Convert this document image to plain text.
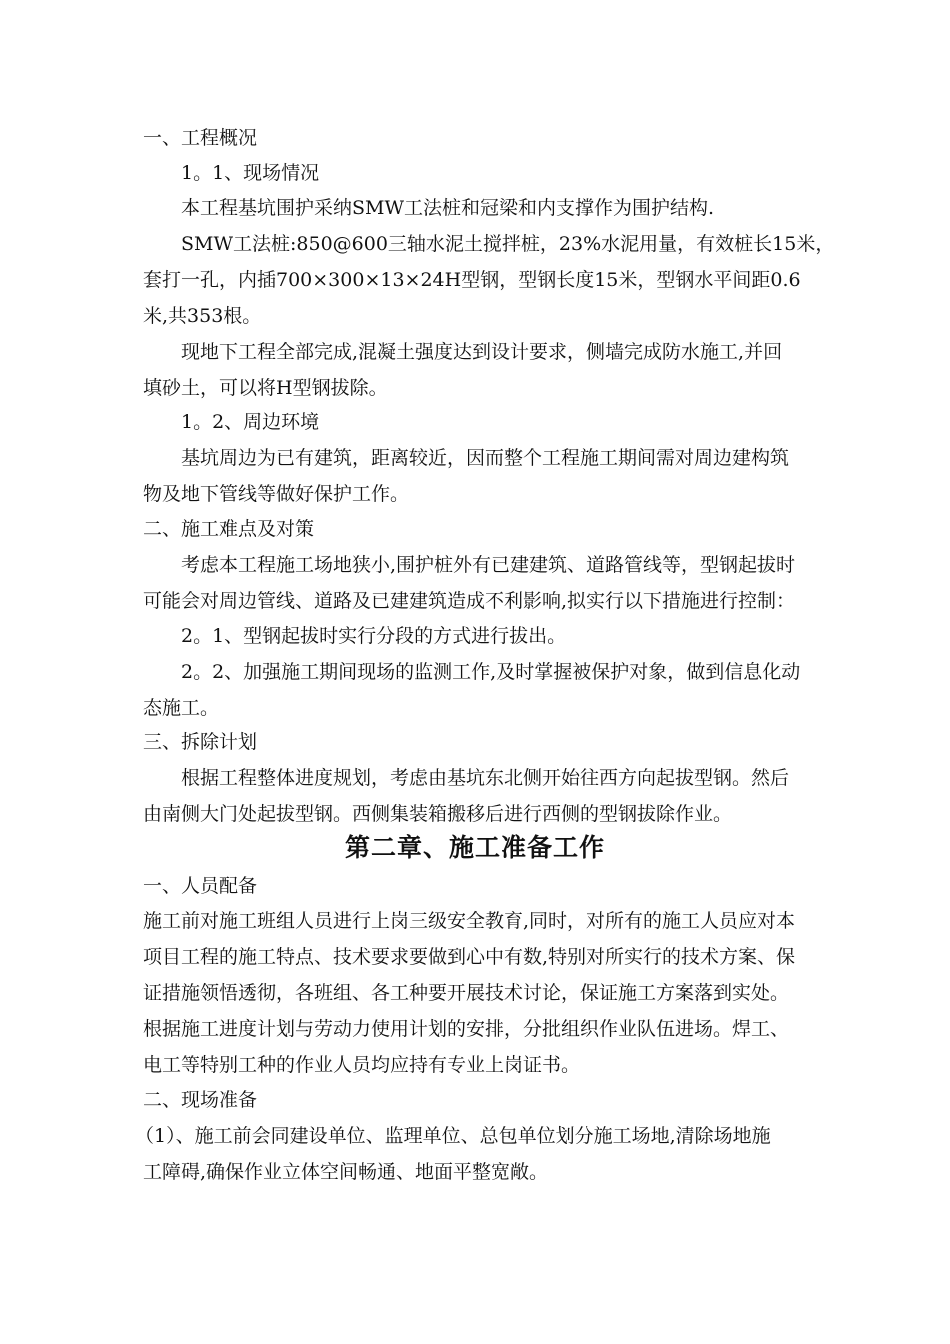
一、工程概况
1。1、现场情况
本工程基坑围护采纳SMW工法桩和冠梁和内支撑作为围护结构.
SMW工法桩:850@600三轴水泥土搅拌桩，23%水泥用量，有效桩长15米，
套打一孔，内插700×300×13×24H型钢，型钢长度15米，型钢水平间距0.6
米,共353根。
现地下工程全部完成,混凝土强度达到设计要求，侧墙完成防水施工,并回
填砂土，可以将H型钢拔除。
1。2、周边环境
基坑周边为已有建筑，距离较近，因而整个工程施工期间需对周边建构筑
物及地下管线等做好保护工作。
二、施工难点及对策
考虑本工程施工场地狭小,围护桩外有已建建筑、道路管线等，型钢起拔时
可能会对周边管线、道路及已建建筑造成不利影响,拟实行以下措施进行控制：
2。1、型钢起拔时实行分段的方式进行拔出。
2。2、加强施工期间现场的监测工作,及时掌握被保护对象，做到信息化动
态施工。
三、拆除计划
根据工程整体进度规划，考虑由基坑东北侧开始往西方向起拔型钢。然后
由南侧大门处起拔型钢。西侧集装箱搬移后进行西侧的型钢拔除作业。
第二章、施工准备工作
一、人员配备
施工前对施工班组人员进行上岗三级安全教育,同时，对所有的施工人员应对本
项目工程的施工特点、技术要求要做到心中有数,特别对所实行的技术方案、保
证措施领悟透彻，各班组、各工种要开展技术讨论，保证施工方案落到实处。
根据施工进度计划与劳动力使用计划的安排，分批组织作业队伍进场。焊工、
电工等特别工种的作业人员均应持有专业上岗证书。
二、现场准备
（1）、施工前会同建设单位、监理单位、总包单位划分施工场地,清除场地施
工障碍,确保作业立体空间畅通、地面平整宽敞。
